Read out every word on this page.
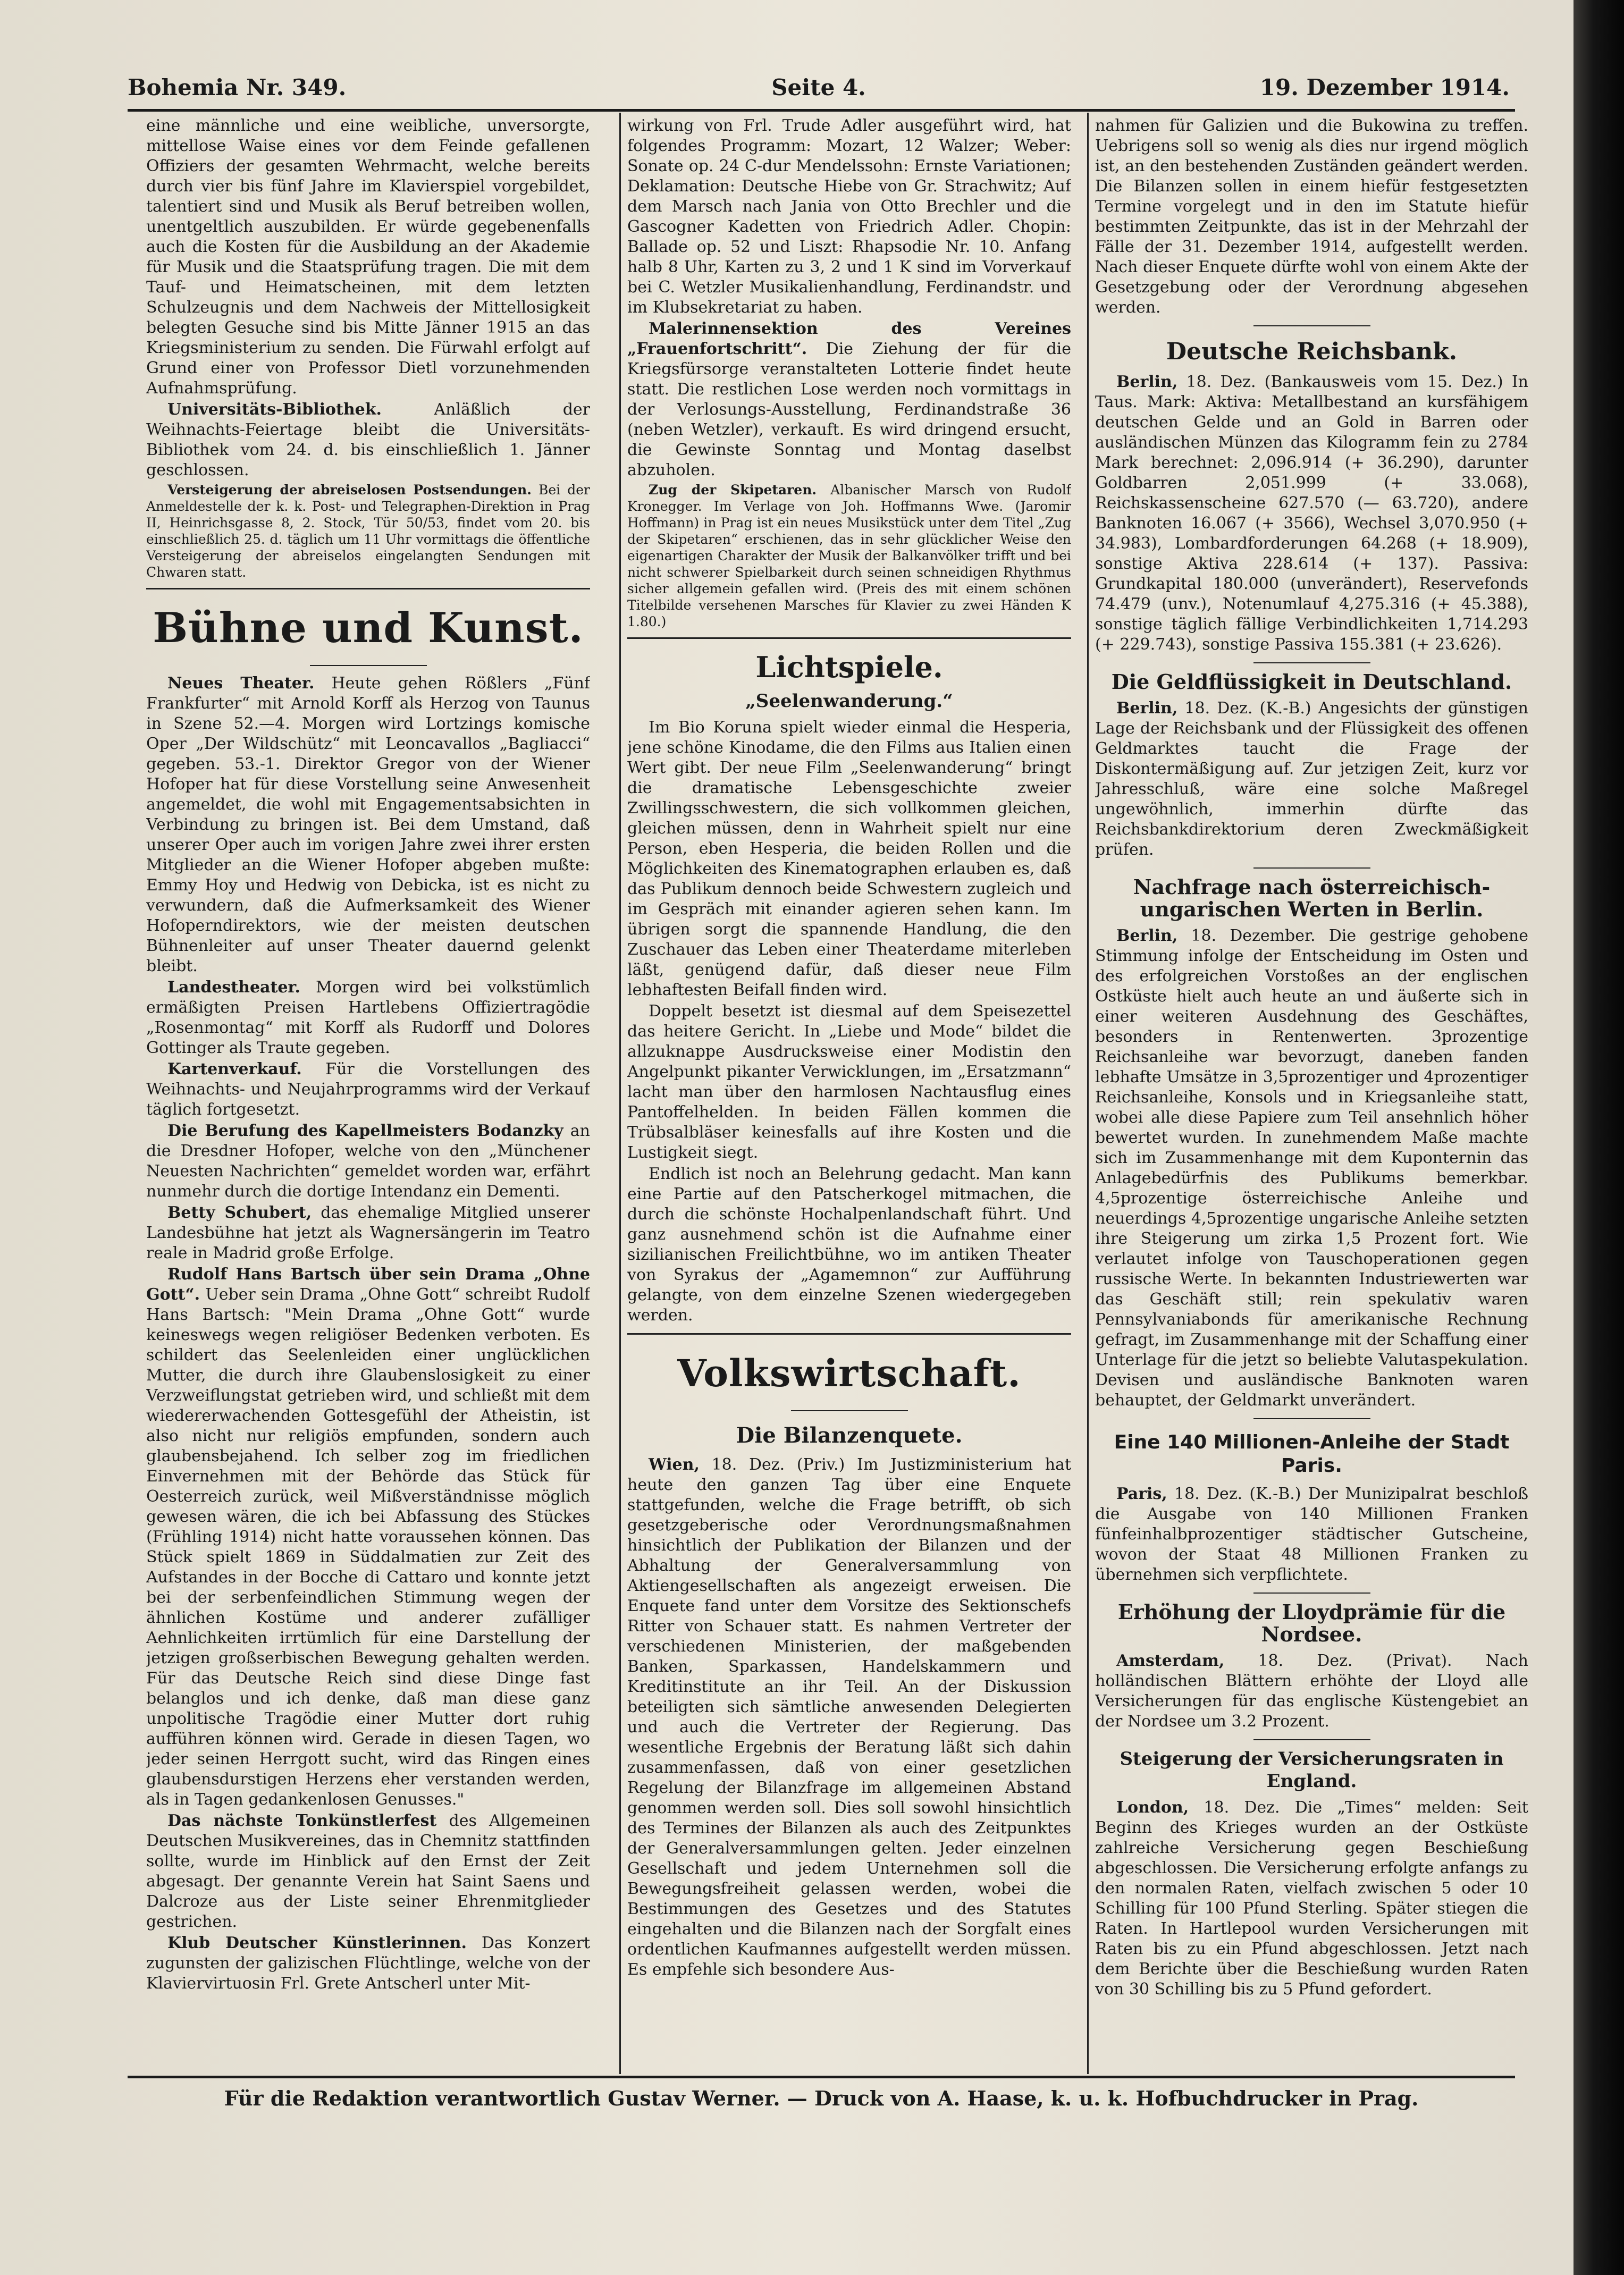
Bohemia Nr. 349.	Seite 4.	19. Dezember 1914.

eine männliche und eine weibliche, unversorgte, mittellose Waise eines vor dem Feinde gefallenen Offiziers der gesamten Wehrmacht, welche bereits durch vier bis fünf Jahre im Klavierspiel vorgebildet, talentiert sind und Musik als Beruf betreiben wollen, unentgeltlich auszubilden. Er würde gegebenenfalls auch die Kosten für die Ausbildung an der Akademie für Musik und die Staatsprüfung tragen. Die mit dem Tauf- und Heimatscheinen, mit dem letzten Schulzeugnis und dem Nachweis der Mittellosigkeit belegten Gesuche sind bis Mitte Jänner 1915 an das Kriegsministerium zu senden. Die Fürwahl erfolgt auf Grund einer von Professor Dietl vorzunehmenden Aufnahmsprüfung.

Universitäts-Bibliothek. Anläßlich der Weihnachts-Feiertage bleibt die Universitäts-Bibliothek vom 24. d. bis einschließlich 1. Jänner geschlossen.

Versteigerung der abreiselosen Postsendungen. Bei der Anmeldestelle der k. k. Post- und Telegraphen-Direktion in Prag II, Heinrichsgasse 8, 2. Stock, Tür 50/53, findet vom 20. bis einschließlich 25. d. täglich um 11 Uhr vormittags die öffentliche Versteigerung der abreiselos eingelangten Sendungen mit Chwaren statt.

Bühne und Kunst.

Neues Theater. Heute gehen Rößlers „Fünf Frankfurter“ mit Arnold Korff als Herzog von Taunus in Szene 52.—4. Morgen wird Lortzings komische Oper „Der Wildschütz“ mit Leoncavallos „Bagliacci“ gegeben. 53.-1. Direktor Gregor von der Wiener Hofoper hat für diese Vorstellung seine Anwesenheit angemeldet, die wohl mit Engagementsabsichten in Verbindung zu bringen ist. Bei dem Umstand, daß unserer Oper auch im vorigen Jahre zwei ihrer ersten Mitglieder an die Wiener Hofoper abgeben mußte: Emmy Hoy und Hedwig von Debicka, ist es nicht zu verwundern, daß die Aufmerksamkeit des Wiener Hofoperndirektors, wie der meisten deutschen Bühnenleiter auf unser Theater dauernd gelenkt bleibt.

Landestheater. Morgen wird bei volkstümlich ermäßigten Preisen Hartlebens Offiziertragödie „Rosenmontag“ mit Korff als Rudorff und Dolores Gottinger als Traute gegeben.

Kartenverkauf. Für die Vorstellungen des Weihnachts- und Neujahrprogramms wird der Verkauf täglich fortgesetzt.

Die Berufung des Kapellmeisters Bodanzky an die Dresdner Hofoper, welche von den „Münchener Neuesten Nachrichten“ gemeldet worden war, erfährt nunmehr durch die dortige Intendanz ein Dementi.

Betty Schubert, das ehemalige Mitglied unserer Landesbühne hat jetzt als Wagnersängerin im Teatro reale in Madrid große Erfolge.

Rudolf Hans Bartsch über sein Drama „Ohne Gott“. Ueber sein Drama „Ohne Gott“ schreibt Rudolf Hans Bartsch: "Mein Drama „Ohne Gott“ wurde keineswegs wegen religiöser Bedenken verboten. Es schildert das Seelenleiden einer unglücklichen Mutter, die durch ihre Glaubenslosigkeit zu einer Verzweiflungstat getrieben wird, und schließt mit dem wiedererwachenden Gottesgefühl der Atheistin, ist also nicht nur religiös empfunden, sondern auch glaubensbejahend. Ich selber zog im friedlichen Einvernehmen mit der Behörde das Stück für Oesterreich zurück, weil Mißverständnisse möglich gewesen wären, die ich bei Abfassung des Stückes (Frühling 1914) nicht hatte voraussehen können. Das Stück spielt 1869 in Süddalmatien zur Zeit des Aufstandes in der Bocche di Cattaro und konnte jetzt bei der serbenfeindlichen Stimmung wegen der ähnlichen Kostüme und anderer zufälliger Aehnlichkeiten irrtümlich für eine Darstellung der jetzigen großserbischen Bewegung gehalten werden. Für das Deutsche Reich sind diese Dinge fast belanglos und ich denke, daß man diese ganz unpolitische Tragödie einer Mutter dort ruhig aufführen können wird. Gerade in diesen Tagen, wo jeder seinen Herrgott sucht, wird das Ringen eines glaubensdurstigen Herzens eher verstanden werden, als in Tagen gedankenlosen Genusses."

Das nächste Tonkünstlerfest des Allgemeinen Deutschen Musikvereines, das in Chemnitz stattfinden sollte, wurde im Hinblick auf den Ernst der Zeit abgesagt. Der genannte Verein hat Saint Saens und Dalcroze aus der Liste seiner Ehrenmitglieder gestrichen.

Klub Deutscher Künstlerinnen. Das Konzert zugunsten der galizischen Flüchtlinge, welche von der Klaviervirtuosin Frl. Grete Antscherl unter Mit-

wirkung von Frl. Trude Adler ausgeführt wird, hat folgendes Programm: Mozart, 12 Walzer; Weber: Sonate op. 24 C-dur Mendelssohn: Ernste Variationen; Deklamation: Deutsche Hiebe von Gr. Strachwitz; Auf dem Marsch nach Jania von Otto Brechler und die Gascogner Kadetten von Friedrich Adler. Chopin: Ballade op. 52 und Liszt: Rhapsodie Nr. 10. Anfang halb 8 Uhr, Karten zu 3, 2 und 1 K sind im Vorverkauf bei C. Wetzler Musikalienhandlung, Ferdinandstr. und im Klubsekretariat zu haben.

Malerinnensektion des Vereines „Frauenfortschritt“. Die Ziehung der für die Kriegsfürsorge veranstalteten Lotterie findet heute statt. Die restlichen Lose werden noch vormittags in der Verlosungs-Ausstellung, Ferdinandstraße 36 (neben Wetzler), verkauft. Es wird dringend ersucht, die Gewinste Sonntag und Montag daselbst abzuholen.

Zug der Skipetaren. Albanischer Marsch von Rudolf Kronegger. Im Verlage von Joh. Hoffmanns Wwe. (Jaromir Hoffmann) in Prag ist ein neues Musikstück unter dem Titel „Zug der Skipetaren“ erschienen, das in sehr glücklicher Weise den eigenartigen Charakter der Musik der Balkanvölker trifft und bei nicht schwerer Spielbarkeit durch seinen schneidigen Rhythmus sicher allgemein gefallen wird. (Preis des mit einem schönen Titelbilde versehenen Marsches für Klavier zu zwei Händen K 1.80.)

Lichtspiele.
„Seelenwanderung.“

Im Bio Koruna spielt wieder einmal die Hesperia, jene schöne Kinodame, die den Films aus Italien einen Wert gibt. Der neue Film „Seelenwanderung“ bringt die dramatische Lebensgeschichte zweier Zwillingsschwestern, die sich vollkommen gleichen, gleichen müssen, denn in Wahrheit spielt nur eine Person, eben Hesperia, die beiden Rollen und die Möglichkeiten des Kinematographen erlauben es, daß das Publikum dennoch beide Schwestern zugleich und im Gespräch mit einander agieren sehen kann. Im übrigen sorgt die spannende Handlung, die den Zuschauer das Leben einer Theaterdame miterleben läßt, genügend dafür, daß dieser neue Film lebhaftesten Beifall finden wird.

Doppelt besetzt ist diesmal auf dem Speisezettel das heitere Gericht. In „Liebe und Mode“ bildet die allzuknappe Ausdrucksweise einer Modistin den Angelpunkt pikanter Verwicklungen, im „Ersatzmann“ lacht man über den harmlosen Nachtausflug eines Pantoffelhelden. In beiden Fällen kommen die Trübsalbläser keinesfalls auf ihre Kosten und die Lustigkeit siegt.

Endlich ist noch an Belehrung gedacht. Man kann eine Partie auf den Patscherkogel mitmachen, die durch die schönste Hochalpenlandschaft führt. Und ganz ausnehmend schön ist die Aufnahme einer sizilianischen Freilichtbühne, wo im antiken Theater von Syrakus der „Agamemnon“ zur Aufführung gelangte, von dem einzelne Szenen wiedergegeben werden.

Volkswirtschaft.
Die Bilanzenquete.

Wien, 18. Dez. (Priv.) Im Justizministerium hat heute den ganzen Tag über eine Enquete stattgefunden, welche die Frage betrifft, ob sich gesetzgeberische oder Verordnungsmaßnahmen hinsichtlich der Publikation der Bilanzen und der Abhaltung der Generalversammlung von Aktiengesellschaften als angezeigt erweisen. Die Enquete fand unter dem Vorsitze des Sektionschefs Ritter von Schauer statt. Es nahmen Vertreter der verschiedenen Ministerien, der maßgebenden Banken, Sparkassen, Handelskammern und Kreditinstitute an ihr Teil. An der Diskussion beteiligten sich sämtliche anwesenden Delegierten und auch die Vertreter der Regierung. Das wesentliche Ergebnis der Beratung läßt sich dahin zusammenfassen, daß von einer gesetzlichen Regelung der Bilanzfrage im allgemeinen Abstand genommen werden soll. Dies soll sowohl hinsichtlich des Termines der Bilanzen als auch des Zeitpunktes der Generalversammlungen gelten. Jeder einzelnen Gesellschaft und jedem Unternehmen soll die Bewegungsfreiheit gelassen werden, wobei die Bestimmungen des Gesetzes und des Statutes eingehalten und die Bilanzen nach der Sorgfalt eines ordentlichen Kaufmannes aufgestellt werden müssen. Es empfehle sich besondere Aus-

nahmen für Galizien und die Bukowina zu treffen. Uebrigens soll so wenig als dies nur irgend möglich ist, an den bestehenden Zuständen geändert werden. Die Bilanzen sollen in einem hiefür festgesetzten Termine vorgelegt und in den im Statute hiefür bestimmten Zeitpunkte, das ist in der Mehrzahl der Fälle der 31. Dezember 1914, aufgestellt werden. Nach dieser Enquete dürfte wohl von einem Akte der Gesetzgebung oder der Verordnung abgesehen werden.

Deutsche Reichsbank.

Berlin, 18. Dez. (Bankausweis vom 15. Dez.) In Taus. Mark: Aktiva: Metallbestand an kursfähigem deutschen Gelde und an Gold in Barren oder ausländischen Münzen das Kilogramm fein zu 2784 Mark berechnet: 2,096.914 (+ 36.290), darunter Goldbarren 2,051.999 (+ 33.068), Reichskassenscheine 627.570 (— 63.720), andere Banknoten 16.067 (+ 3566), Wechsel 3,070.950 (+ 34.983), Lombardforderungen 64.268 (+ 18.909), sonstige Aktiva 228.614 (+ 137). Passiva: Grundkapital 180.000 (unverändert), Reservefonds 74.479 (unv.), Notenumlauf 4,275.316 (+ 45.388), sonstige täglich fällige Verbindlichkeiten 1,714.293 (+ 229.743), sonstige Passiva 155.381 (+ 23.626).

Die Geldflüssigkeit in Deutschland.

Berlin, 18. Dez. (K.-B.) Angesichts der günstigen Lage der Reichsbank und der Flüssigkeit des offenen Geldmarktes taucht die Frage der Diskontermäßigung auf. Zur jetzigen Zeit, kurz vor Jahresschluß, wäre eine solche Maßregel ungewöhnlich, immerhin dürfte das Reichsbankdirektorium deren Zweckmäßigkeit prüfen.

Nachfrage nach österreichisch-ungarischen Werten in Berlin.

Berlin, 18. Dezember. Die gestrige gehobene Stimmung infolge der Entscheidung im Osten und des erfolgreichen Vorstoßes an der englischen Ostküste hielt auch heute an und äußerte sich in einer weiteren Ausdehnung des Geschäftes, besonders in Rentenwerten. 3prozentige Reichsanleihe war bevorzugt, daneben fanden lebhafte Umsätze in 3,5prozentiger und 4prozentiger Reichsanleihe, Konsols und in Kriegsanleihe statt, wobei alle diese Papiere zum Teil ansehnlich höher bewertet wurden. In zunehmendem Maße machte sich im Zusammenhange mit dem Kuponternin das Anlagebedürfnis des Publikums bemerkbar. 4,5prozentige österreichische Anleihe und neuerdings 4,5prozentige ungarische Anleihe setzten ihre Steigerung um zirka 1,5 Prozent fort. Wie verlautet infolge von Tauschoperationen gegen russische Werte. In bekannten Industriewerten war das Geschäft still; rein spekulativ waren Pennsylvaniabonds für amerikanische Rechnung gefragt, im Zusammenhange mit der Schaffung einer Unterlage für die jetzt so beliebte Valutaspekulation. Devisen und ausländische Banknoten waren behauptet, der Geldmarkt unverändert.

Eine 140 Millionen-Anleihe der Stadt Paris.

Paris, 18. Dez. (K.-B.) Der Munizipalrat beschloß die Ausgabe von 140 Millionen Franken fünfeinhalbprozentiger städtischer Gutscheine, wovon der Staat 48 Millionen Franken zu übernehmen sich verpflichtete.

Erhöhung der Lloydprämie für die Nordsee.

Amsterdam, 18. Dez. (Privat). Nach holländischen Blättern erhöhte der Lloyd alle Versicherungen für das englische Küstengebiet an der Nordsee um 3.2 Prozent.

Steigerung der Versicherungsraten in England.

London, 18. Dez. Die „Times“ melden: Seit Beginn des Krieges wurden an der Ostküste zahlreiche Versicherung gegen Beschießung abgeschlossen. Die Versicherung erfolgte anfangs zu den normalen Raten, vielfach zwischen 5 oder 10 Schilling für 100 Pfund Sterling. Später stiegen die Raten. In Hartlepool wurden Versicherungen mit Raten bis zu ein Pfund abgeschlossen. Jetzt nach dem Berichte über die Beschießung wurden Raten von 30 Schilling bis zu 5 Pfund gefordert.

Für die Redaktion verantwortlich Gustav Werner. — Druck von A. Haase, k. u. k. Hofbuchdrucker in Prag.
